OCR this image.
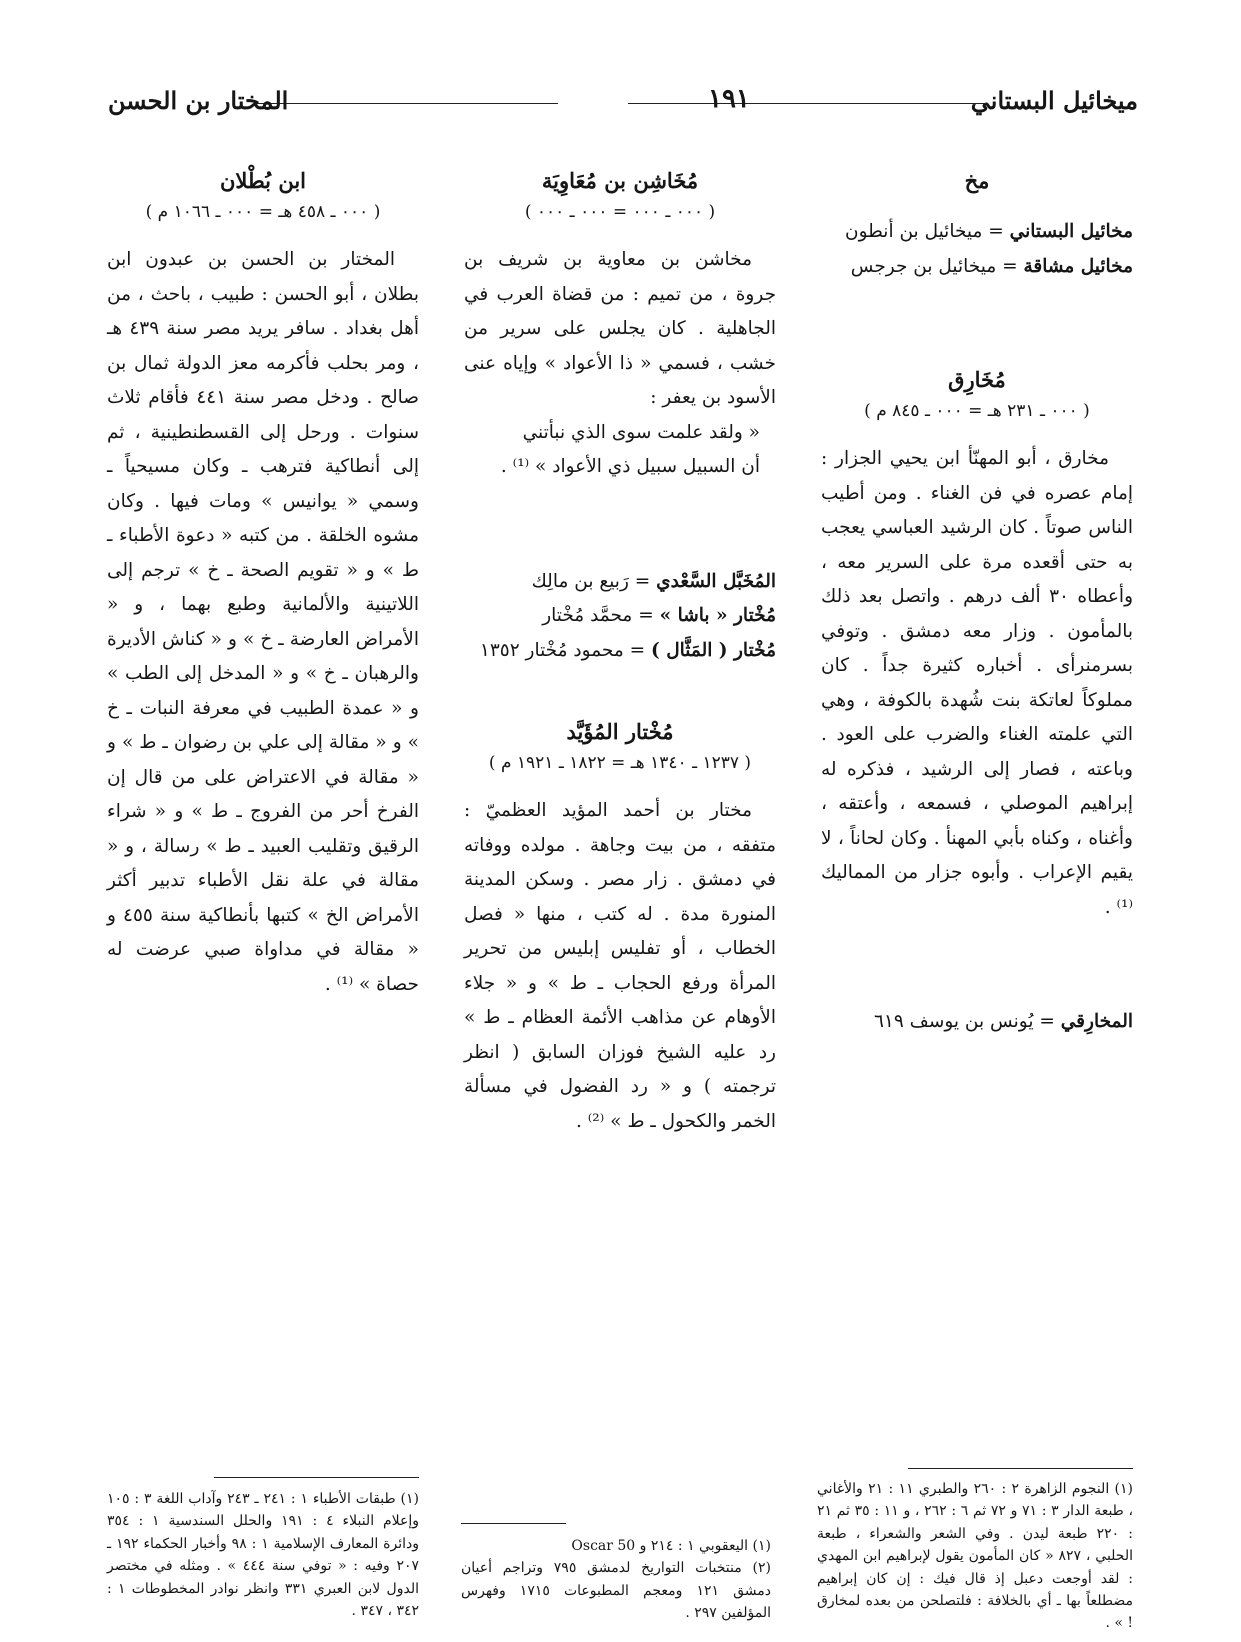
ميخائيل البستاني
١٩١
المختار بن الحسن
مخ

مخائيل البستاني = ميخائيل بن أنطون

مخائيل مشاقة = ميخائيل بن جرجس

مُخَارِق
( ٠٠٠ ـ ٢٣١ هـ = ٠٠٠ ـ ٨٤٥ م )

مخارق ، أبو المهنّأ ابن يحيي الجزار : إمام عصره في فن الغناء . ومن أطيب الناس صوتاً . كان الرشيد العباسي يعجب به حتى أقعده مرة على السرير معه ، وأعطاه ٣٠ ألف درهم . واتصل بعد ذلك بالمأمون . وزار معه دمشق . وتوفي بسرمنرأى . أخباره كثيرة جداً . كان مملوكاً لعاتكة بنت شُهدة بالكوفة ، وهي التي علمته الغناء والضرب على العود . وباعته ، فصار إلى الرشيد ، فذكره له إبراهيم الموصلي ، فسمعه ، وأعتقه ، وأغناه ، وكناه بأبي المهنأ . وكان لحاناً ، لا يقيم الإعراب . وأبوه جزار من المماليك ⁽¹⁾ .

المخارِقي = يُونس بن يوسف ٦١٩

مُخَاشِن بن مُعَاوِيَة
( ٠٠٠ ـ ٠٠٠ = ٠٠٠ ـ ٠٠٠ )

مخاشن بن معاوية بن شريف بن جروة ، من تميم : من قضاة العرب في الجاهلية . كان يجلس على سرير من خشب ، فسمي « ذا الأعواد » وإياه عنى الأسود بن يعفر :

« ولقد علمت سوى الذي نبأتني

أن السبيل سبيل ذي الأعواد » ⁽¹⁾ .

المُخَبَّل السَّعْدي = رَبيع بن مالِك

مُخْتار « باشا » = محمَّد مُخْتار

مُخْتار ( المَثَّال ) = محمود مُخْتار ١٣٥٢

مُخْتار المُؤَيَّد
( ١٢٣٧ ـ ١٣٤٠ هـ = ١٨٢٢ ـ ١٩٢١ م )

مختار بن أحمد المؤيد العظميّ : متفقه ، من بيت وجاهة . مولده ووفاته في دمشق . زار مصر . وسكن المدينة المنورة مدة . له كتب ، منها « فصل الخطاب ، أو تفليس إبليس من تحرير المرأة ورفع الحجاب ـ ط » و « جلاء الأوهام عن مذاهب الأئمة العظام ـ ط » رد عليه الشيخ فوزان السابق ( انظر ترجمته ) و « رد الفضول في مسألة الخمر والكحول ـ ط » ⁽²⁾ .

ابن بُطْلان
( ٠٠٠ ـ ٤٥٨ هـ = ٠٠٠ ـ ١٠٦٦ م )

المختار بن الحسن بن عبدون ابن بطلان ، أبو الحسن : طبيب ، باحث ، من أهل بغداد . سافر يريد مصر سنة ٤٣٩ هـ ، ومر بحلب فأكرمه معز الدولة ثمال بن صالح . ودخل مصر سنة ٤٤١ فأقام ثلاث سنوات . ورحل إلى القسطنطينية ، ثم إلى أنطاكية فترهب ـ وكان مسيحياً ـ وسمي « يوانيس » ومات فيها . وكان مشوه الخلقة . من كتبه « دعوة الأطباء ـ ط » و « تقويم الصحة ـ خ » ترجم إلى اللاتينية والألمانية وطبع بهما ، و « الأمراض العارضة ـ خ » و « كناش الأديرة والرهبان ـ خ » و « المدخل إلى الطب » و « عمدة الطبيب في معرفة النبات ـ خ » و « مقالة إلى علي بن رضوان ـ ط » و « مقالة في الاعتراض على من قال إن الفرخ أحر من الفروج ـ ط » و « شراء الرقيق وتقليب العبيد ـ ط » رسالة ، و « مقالة في علة نقل الأطباء تدبير أكثر الأمراض الخ » كتبها بأنطاكية سنة ٤٥٥ و « مقالة في مداواة صبي عرضت له حصاة » ⁽¹⁾ .

(١) النجوم الزاهرة ٢ : ٢٦٠ والطبري ١١ : ٢١ والأغاني ، طبعة الدار ٣ : ٧١ و ٧٢ ثم ٦ : ٢٦٢ ، و ١١ : ٣٥ ثم ٢١ : ٢٢٠ طبعة ليدن . وفي الشعر والشعراء ، طبعة الحلبي ، ٨٢٧ « كان المأمون يقول لإبراهيم ابن المهدي : لقد أوجعت دعبل إذ قال فيك : إن كان إبراهيم مضطلعاً بها ـ أي بالخلافة : فلتصلحن من بعده لمخارق ! » .

(١) اليعقوبي ١ : ٢١٤ و Oscar 50

(٢) منتخبات التواريخ لدمشق ٧٩٥ وتراجم أعيان دمشق ١٢١ ومعجم المطبوعات ١٧١٥ وفهرس المؤلفين ٢٩٧ .

(١) طبقات الأطباء ١ : ٢٤١ ـ ٢٤٣ وآداب اللغة ٣ : ١٠٥ وإعلام النبلاء ٤ : ١٩١ والحلل السندسية ١ : ٣٥٤ ودائرة المعارف الإسلامية ١ : ٩٨ وأخبار الحكماء ١٩٢ ـ ٢٠٧ وفيه : « توفي سنة ٤٤٤ » . ومثله في مختصر الدول لابن العبري ٣٣١ وانظر نوادر المخطوطات ١ : ٣٤٢ ، ٣٤٧ .
